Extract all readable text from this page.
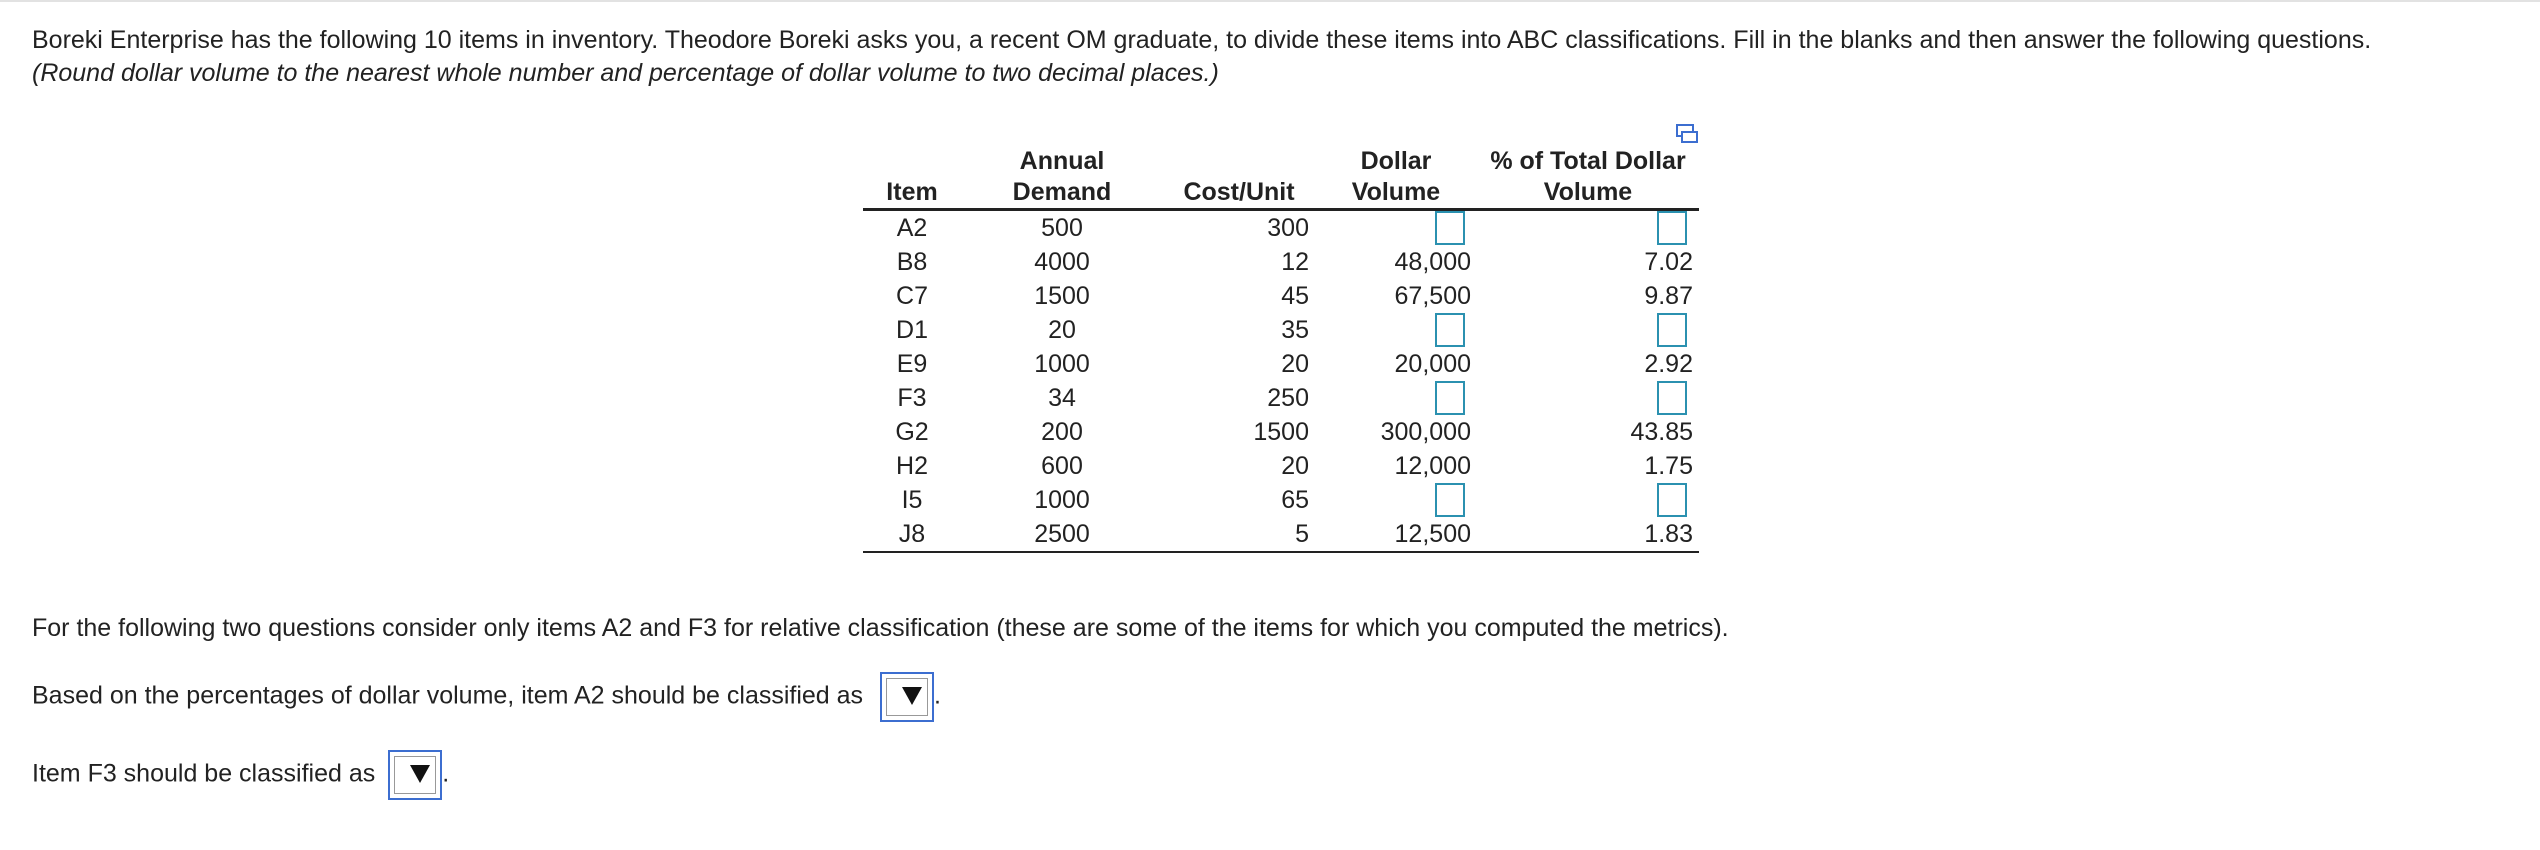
Boreki Enterprise has the following 10 items in inventory. Theodore Boreki asks you, a recent OM graduate, to divide these items into ABC classifications. Fill in the blanks and then answer the following questions.
(Round dollar volume to the nearest whole number and percentage of dollar volume to two decimal places.)
Item	Annual Demand	Cost/Unit	Dollar
Volume	% of Total Dollar
Volume
A2	500	300		
B8	4000	12	48,000	7.02
C7	1500	45	67,500	9.87
D1	20	35		
E9	1000	20	20,000	2.92
F3	34	250		
G2	200	1500	300,000	43.85
H2	600	20	12,000	1.75
I5	1000	65		
J8	2500	5	12,500	1.83
For the following two questions consider only items A2 and F3 for relative classification (these are some of the items for which you computed the metrics).
Based on the percentages of dollar volume, item A2 should be classified as	.
Item F3 should be classified as	.
